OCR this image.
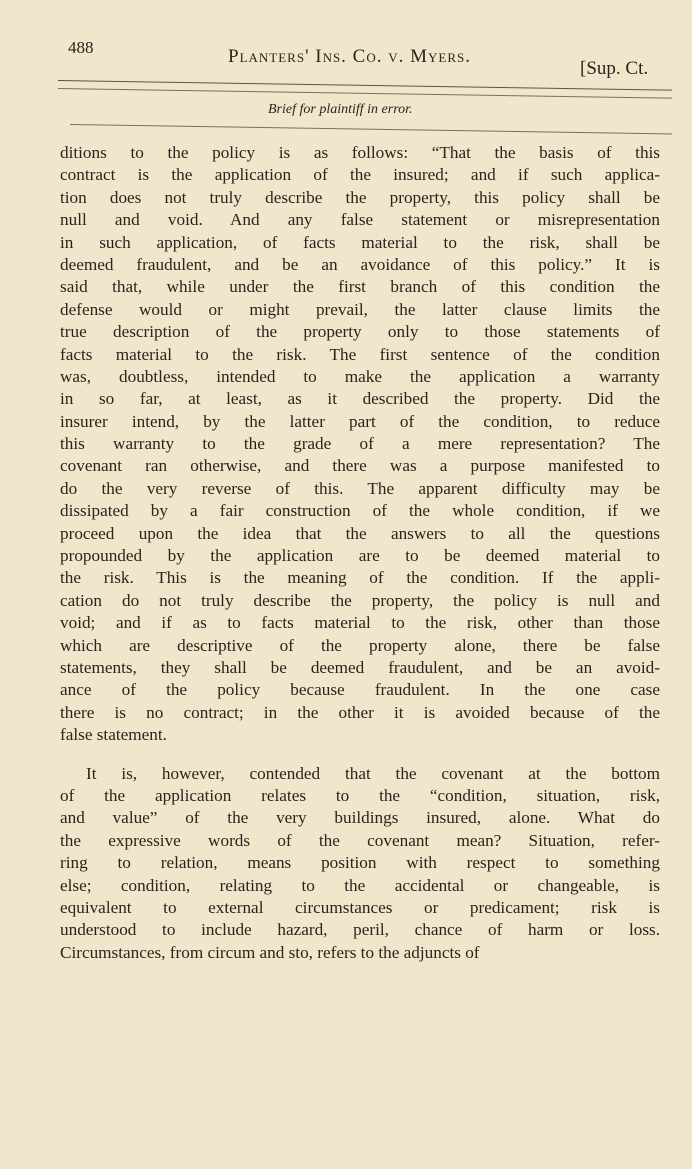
488	Planters' Ins. Co. v. Myers.
[Sup. Ct.
Brief for plaintiff in error.
ditions to the policy is as follows: “That the basis of this
contract is the application of the insured; and if such applica-
tion does not truly describe the property, this policy shall be
null and void. And any false statement or misrepresentation
in such application, of facts material to the risk, shall be
deemed fraudulent, and be an avoidance of this policy.” It is
said that, while under the first branch of this condition the
defense would or might prevail, the latter clause limits the
true description of the property only to those statements of
facts material to the risk. The first sentence of the condition
was, doubtless, intended to make the application a warranty
in so far, at least, as it described the property. Did the
insurer intend, by the latter part of the condition, to reduce
this warranty to the grade of a mere representation? The
covenant ran otherwise, and there was a purpose manifested to
do the very reverse of this. The apparent difficulty may be
dissipated by a fair construction of the whole condition, if we
proceed upon the idea that the answers to all the questions
propounded by the application are to be deemed material to
the risk. This is the meaning of the condition. If the appli-
cation do not truly describe the property, the policy is null and
void; and if as to facts material to the risk, other than those
which are descriptive of the property alone, there be false
statements, they shall be deemed fraudulent, and be an avoid-
ance of the policy because fraudulent. In the one case
there is no contract; in the other it is avoided because of the
false statement.
It is, however, contended that the covenant at the bottom
of the application relates to the “condition, situation, risk,
and value” of the very buildings insured, alone. What do
the expressive words of the covenant mean? Situation, refer-
ring to relation, means position with respect to something
else; condition, relating to the accidental or changeable, is
equivalent to external circumstances or predicament; risk is
understood to include hazard, peril, chance of harm or loss.
Circumstances, from circum and sto, refers to the adjuncts of
